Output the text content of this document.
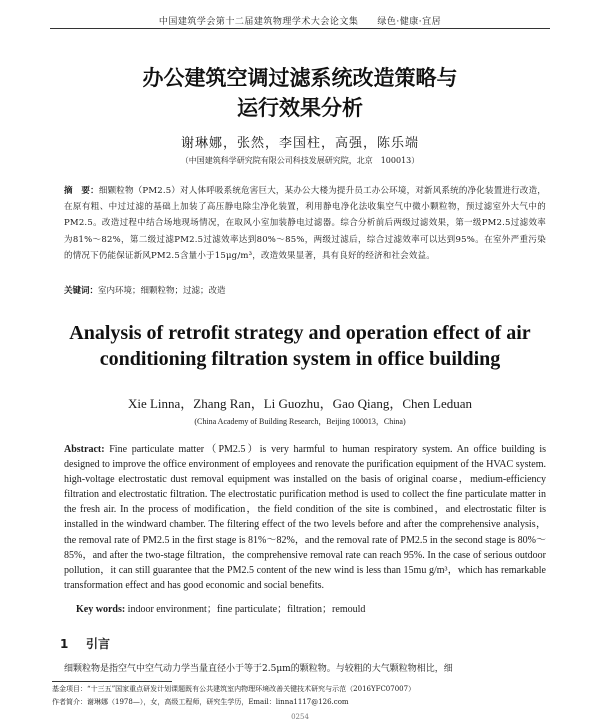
中国建筑学会第十二届建筑物理学术大会论文集　　绿色·健康·宜居
办公建筑空调过滤系统改造策略与
运行效果分析
谢琳娜，张然，李国柱，高强，陈乐端
（中国建筑科学研究院有限公司科技发展研究院，北京　100013）
摘　要：细颗粒物（PM2.5）对人体呼吸系统危害巨大，某办公大楼为提升员工办公环境，对新风系统的净化装置进行改造，在原有粗、中过过滤的基础上加装了高压静电除尘净化装置，利用静电净化法收集空气中微小颗粒物，预过滤室外大气中的PM2.5。改造过程中结合场地现场情况，在取风小室加装静电过滤器。综合分析前后两级过滤效果，第一级PM2.5过滤效率为81%～82%，第二级过滤PM2.5过滤效率达到80%～85%，两级过滤后，综合过滤效率可以达到95%。在室外严重污染的情况下仍能保证新风PM2.5含量小于15μg/m³，改造效果显著，具有良好的经济和社会效益。
关键词：室内环境；细颗粒物；过滤；改造
Analysis of retrofit strategy and operation effect of air
conditioning filtration system in office building
Xie Linna，Zhang Ran，Li Guozhu，Gao Qiang，Chen Leduan
(China Academy of Building Research，Beijing 100013，China)
Abstract: Fine particulate matter（PM2.5）is very harmful to human respiratory system. An office building is designed to improve the office environment of employees and renovate the purification equipment of the HVAC system. high-voltage electrostatic dust removal equipment was installed on the basis of original coarse，medium-efficiency filtration and electrostatic filtration. The electrostatic purification method is used to collect the fine particulate matter in the fresh air. In the process of modification，the field condition of the site is combined，and electrostatic filter is installed in the windward chamber. The filtering effect of the two levels before and after the comprehensive analysis，the removal rate of PM2.5 in the first stage is 81%～82%，and the removal rate of PM2.5 in the second stage is 80%～85%，and after the two-stage filtration，the comprehensive removal rate can reach 95%. In the case of serious outdoor pollution，it can still guarantee that the PM2.5 content of the new wind is less than 15mu g/m³，which has remarkable transformation effect and has good economic and social benefits.
Key words: indoor environment；fine particulate；filtration；remould
1 引言
细颗粒物是指空气中空气动力学当量直径小于等于2.5μm的颗粒物。与较粗的大气颗粒物相比，细
基金项目：“十三五”国家重点研发计划课题既有公共建筑室内物理环境改善关键技术研究与示范（2016YFC07007）
作者简介：谢琳娜（1978—），女，高级工程师，研究生学历，Email：linna1117@126.com
0254
